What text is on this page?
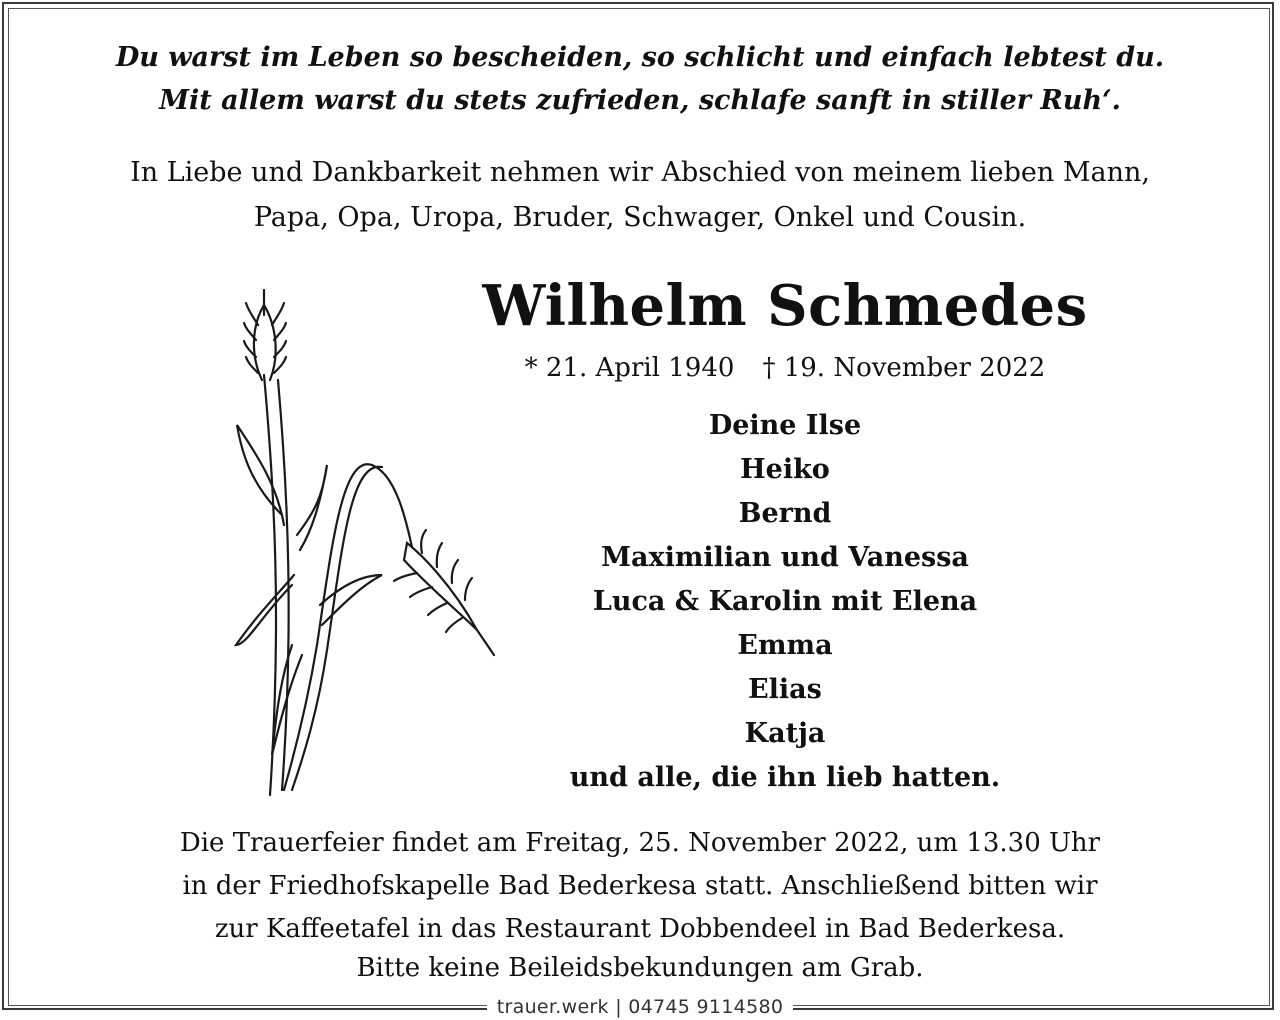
Du warst im Leben so bescheiden, so schlicht und einfach lebtest du.
Mit allem warst du stets zufrieden, schlafe sanft in stiller Ruh‘.
In Liebe und Dankbarkeit nehmen wir Abschied von meinem lieben Mann,
Papa, Opa, Uropa, Bruder, Schwager, Onkel und Cousin.
Wilhelm Schmedes
* 21. April 1940 † 19. November 2022
Deine Ilse
Heiko
Bernd
Maximilian und Vanessa
Luca & Karolin mit Elena
Emma
Elias
Katja
und alle, die ihn lieb hatten.
Die Trauerfeier findet am Freitag, 25. November 2022, um 13.30 Uhr
in der Friedhofskapelle Bad Bederkesa statt. Anschließend bitten wir
zur Kaffeetafel in das Restaurant Dobbendeel in Bad Bederkesa.
Bitte keine Beileidsbekundungen am Grab.
trauer.werk | 04745 9114580
